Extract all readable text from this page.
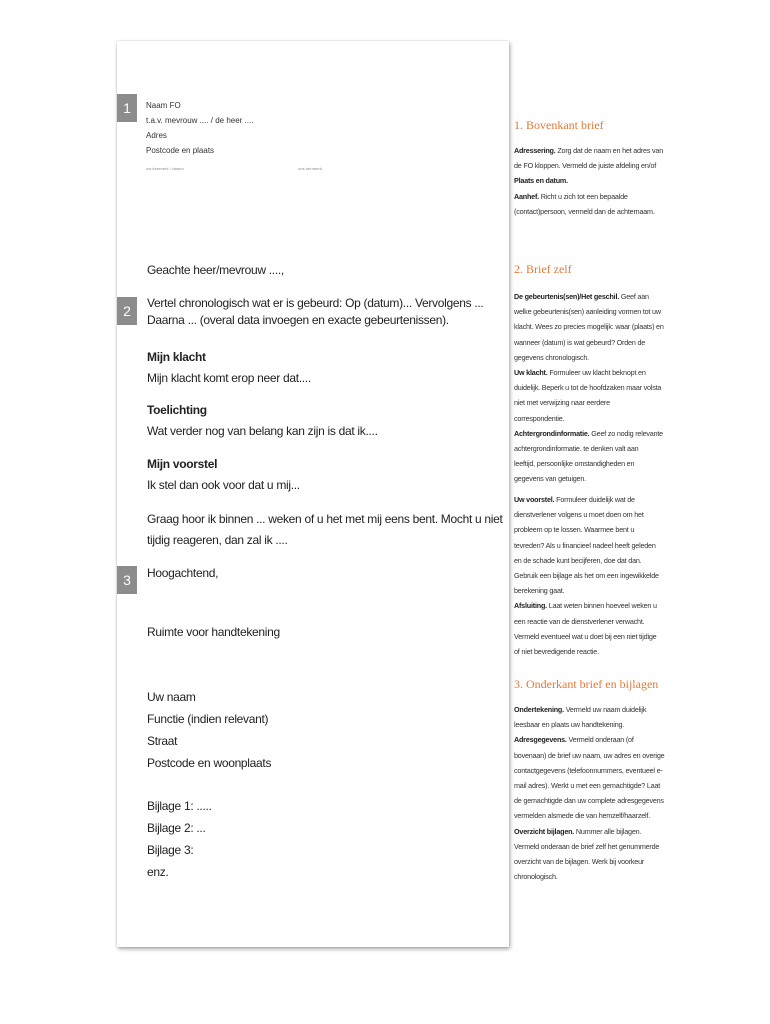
1
2
3
Naam FO
t.a.v. mevrouw .... / de heer ....
Adres
Postcode en plaats
uw kenmerk / datum	ons kenmerk
Geachte heer/mevrouw ....,
Vertel chronologisch wat er is gebeurd: Op (datum)... Vervolgens ...
Daarna ... (overal data invoegen en exacte gebeurtenissen).
Mijn klacht
Mijn klacht komt erop neer dat....
Toelichting
Wat verder nog van belang kan zijn is dat ik....
Mijn voorstel
Ik stel dan ook voor dat u mij...
Graag hoor ik binnen ... weken of u het met mij eens bent. Mocht u niet
tijdig reageren, dan zal ik ....
Hoogachtend,
Ruimte voor handtekening
Uw naam
Functie (indien relevant)
Straat
Postcode en woonplaats
Bijlage 1: .....
Bijlage 2: ...
Bijlage 3:
enz.
1. Bovenkant brief
2. Brief zelf
3. Onderkant brief en bijlagen
Adressering. Zorg dat de naam en het adres van
de FO kloppen. Vermeld de juiste afdeling en/of
Plaats en datum.
Aanhef. Richt u zich tot een bepaalde
(contact)persoon, vermeld dan de achternaam.
De gebeurtenis(sen)/Het geschil. Geef aan
welke gebeurtenis(sen) aanleiding vormen tot uw
klacht. Wees zo precies mogelijk: waar (plaats) en
wanneer (datum) is wat gebeurd? Orden de
gegevens chronologisch.
Uw klacht. Formuleer uw klacht beknopt en
duidelijk. Beperk u tot de hoofdzaken maar volsta
niet met verwijzing naar eerdere
correspondentie.
Achtergrondinformatie. Geef zo nodig relevante
achtergrondinformatie. te denken valt aan
leeftijd, persoonlijke omstandigheden en
gegevens van getuigen.
Uw voorstel. Formuleer duidelijk wat de
dienstverlener volgens u moet doen om het
probleem op te lossen. Waarmee bent u
tevreden? Als u financieel nadeel heeft geleden
en de schade kunt becijferen, doe dat dan.
Gebruik een bijlage als het om een ingewikkelde
berekening gaat.
Afsluiting. Laat weten binnen hoeveel weken u
een reactie van de dienstverlener verwacht.
Vermeld eventueel wat u doet bij een niet tijdige
of niet bevredigende reactie.
Ondertekening. Vermeld uw naam duidelijk
leesbaar en plaats uw handtekening.
Adresgegevens. Vermeld onderaan (of
bovenaan) de brief uw naam, uw adres en overige
contactgegevens (telefoonnummers, eventueel e-
mail adres). Werkt u met een gemachtigde? Laat
de gemachtigde dan uw complete adresgegevens
vermelden alsmede die van hemzelf/haarzelf.
Overzicht bijlagen. Nummer alle bijlagen.
Vermeld onderaan de brief zelf het genummerde
overzicht van de bijlagen. Werk bij voorkeur
chronologisch.
